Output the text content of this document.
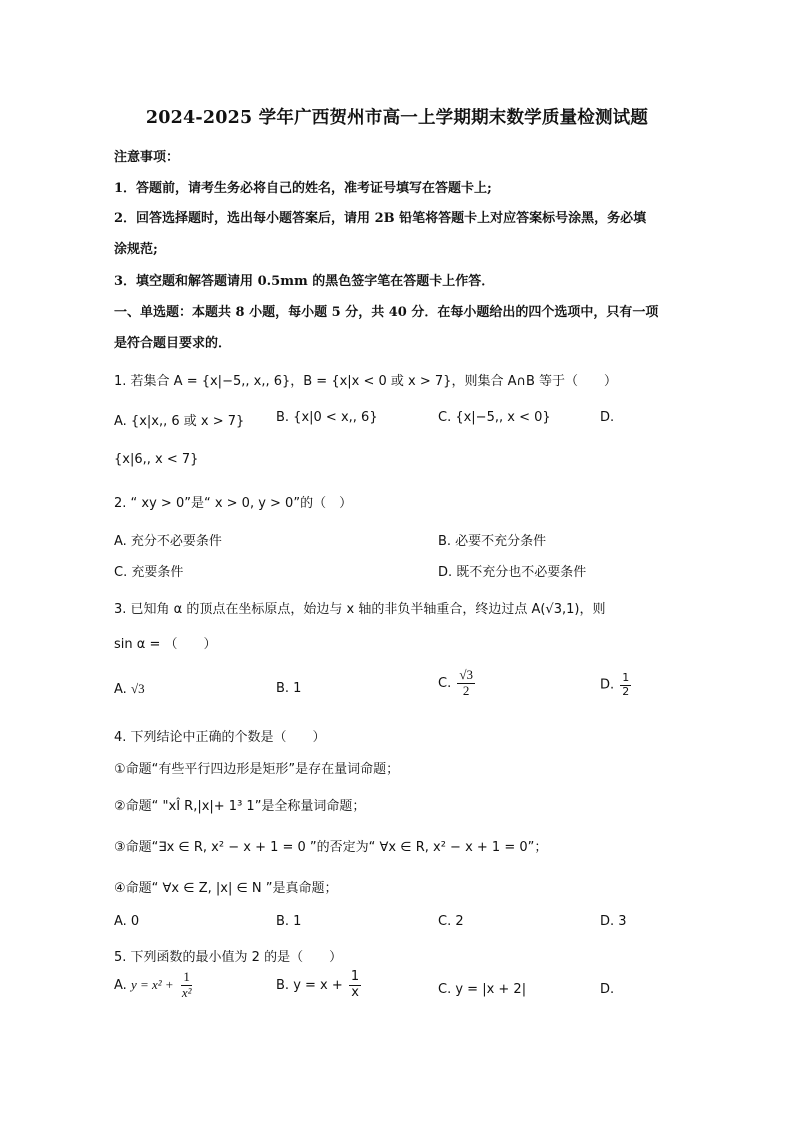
2024-2025 学年广西贺州市高一上学期期末数学质量检测试题
注意事项：
1．答题前，请考生务必将自己的姓名，准考证号填写在答题卡上;
2．回答选择题时，选出每小题答案后，请用 2B 铅笔将答题卡上对应答案标号涂黑，务必填
涂规范;
3．填空题和解答题请用 0.5mm 的黑色签字笔在答题卡上作答．
一、单选题：本题共 8 小题，每小题 5 分，共 40 分．在每小题给出的四个选项中，只有一项
是符合题目要求的．
1. 若集合 A = {x|−5,, x,, 6}，B = {x|x < 0 或 x > 7}，则集合 A∩B 等于（　　）
A. {x|x,, 6 或 x > 7} B. {x|0 < x,, 6}	C. {x|−5,, x < 0}	D.
{x|6,, x < 7}
2. “ xy > 0”是“ x > 0, y > 0”的（　）
A. 充分不必要条件	B. 必要不充分条件
C. 充要条件	D. 既不充分也不必要条件
3. 已知角 α 的顶点在坐标原点，始边与 x 轴的非负半轴重合，终边过点 A(√3,1)，则
sin α = （　　）
A. √3	B. 1	C. $\frac{√3}{2}$	D. $\frac{1}{2}$
4. 下列结论中正确的个数是（　　）
①命题“有些平行四边形是矩形”是存在量词命题；
②命题“ "xÎ R,|x|+ 1³ 1”是全称量词命题；
③命题“∃x ∈ R, x² − x + 1 = 0 ”的否定为“ ∀x ∈ R, x² − x + 1 = 0”；
④命题“ ∀x ∈ Z, |x| ∈ N ”是真命题；
A. 0	B. 1	C. 2	D. 3
5. 下列函数的最小值为 2 的是（　　）
A. $y = x^2 + \frac{1}{\text{x²}}$	B. $y = x + \frac{1}{x}$	C. y = |x + 2|	D.
